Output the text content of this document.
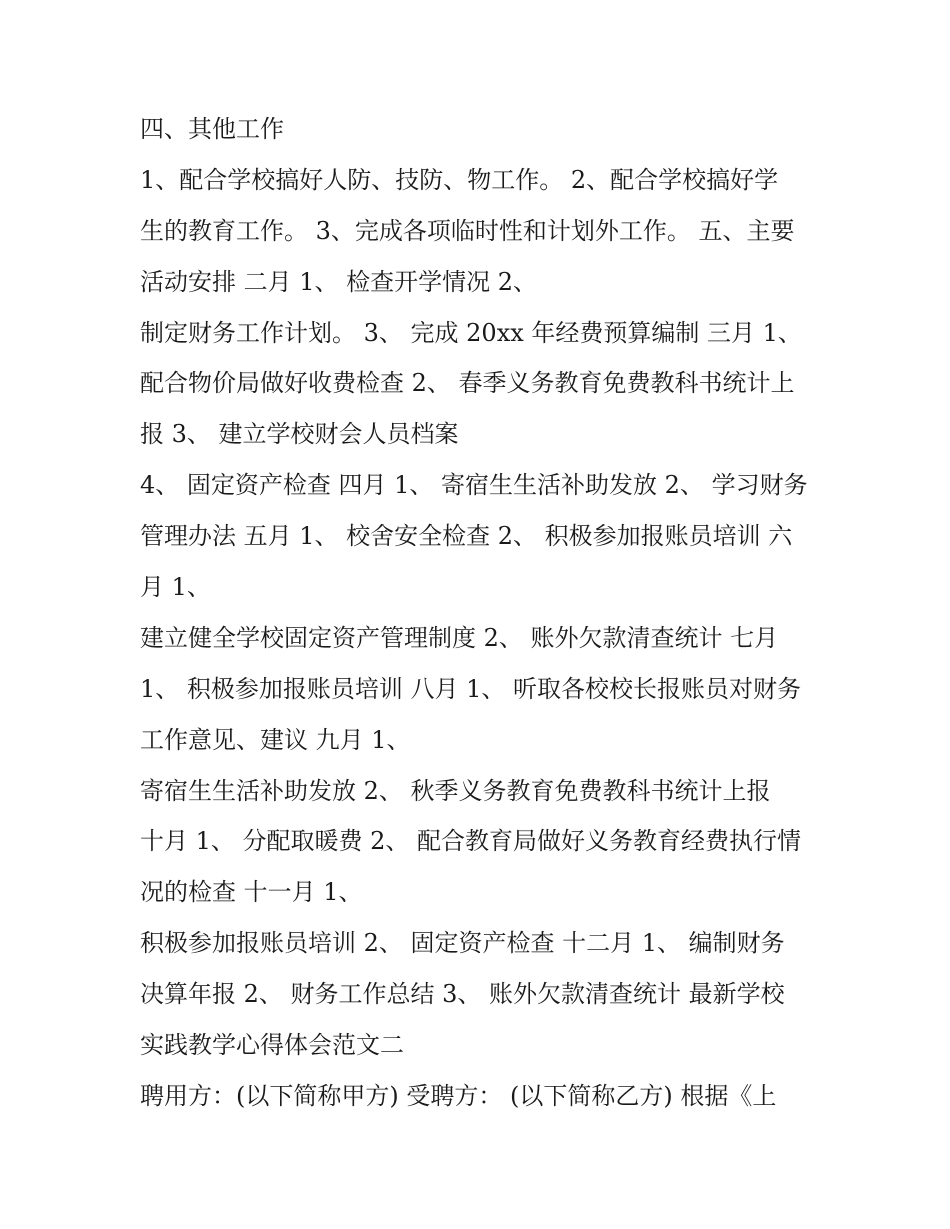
四、其他工作
1、配合学校搞好人防、技防、物工作。 2、配合学校搞好学
生的教育工作。 3、完成各项临时性和计划外工作。 五、主要
活动安排 二月 1、 检查开学情况 2、
制定财务工作计划。 3、 完成 20xx 年经费预算编制 三月 1、
配合物价局做好收费检查 2、 春季义务教育免费教科书统计上
报 3、 建立学校财会人员档案
4、 固定资产检查 四月 1、 寄宿生生活补助发放 2、 学习财务
管理办法 五月 1、 校舍安全检查 2、 积极参加报账员培训 六
月 1、
建立健全学校固定资产管理制度 2、 账外欠款清查统计 七月
1、 积极参加报账员培训 八月 1、 听取各校校长报账员对财务
工作意见、建议 九月 1、
寄宿生生活补助发放 2、 秋季义务教育免费教科书统计上报
十月 1、 分配取暖费 2、 配合教育局做好义务教育经费执行情
况的检查 十一月 1、
积极参加报账员培训 2、 固定资产检查 十二月 1、 编制财务
决算年报 2、 财务工作总结 3、 账外欠款清查统计 最新学校
实践教学心得体会范文二
聘用方：(以下简称甲方) 受聘方： (以下简称乙方) 根据《上
